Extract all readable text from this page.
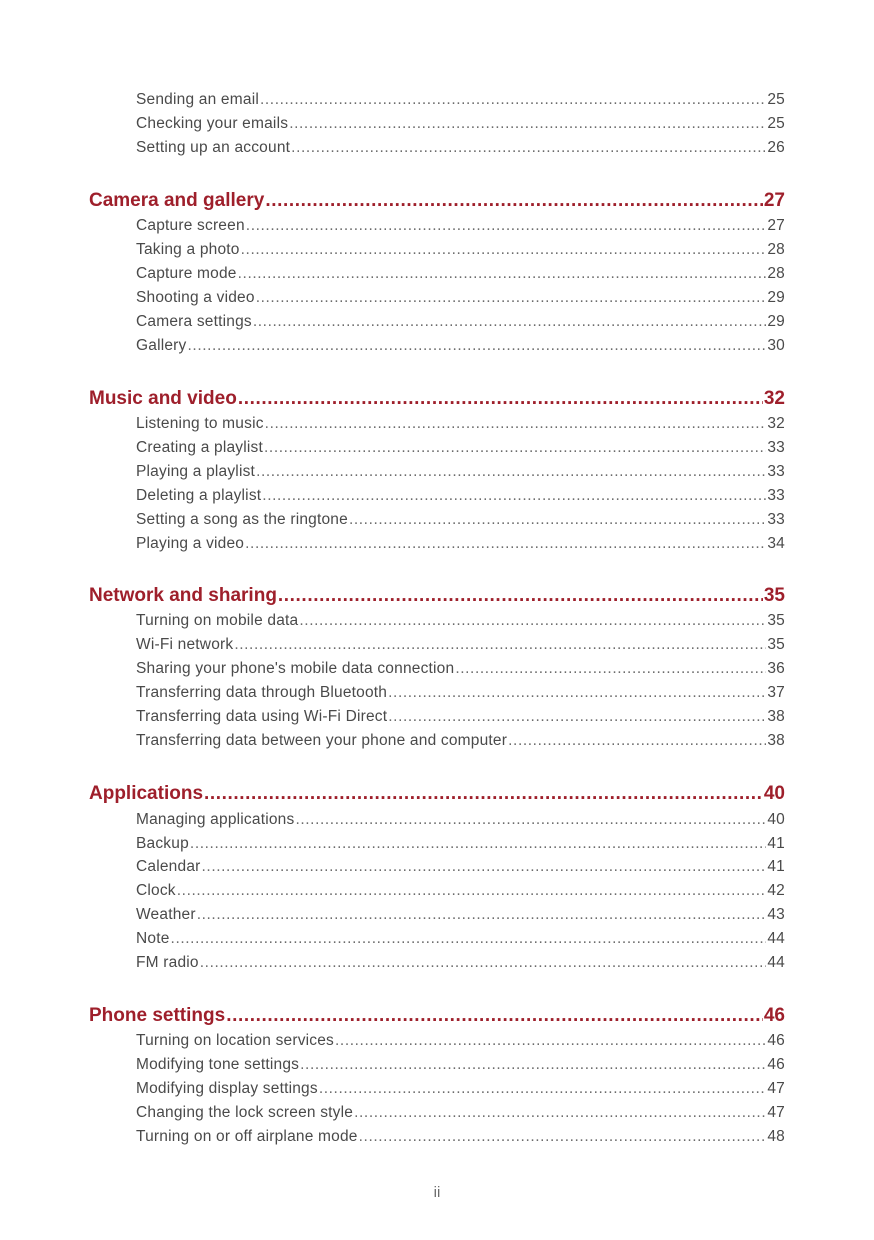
Sending an email .....	25
Checking your emails .....	25
Setting up an account .....	26
Camera and gallery .....	27
Capture screen .....	27
Taking a photo .....	28
Capture mode .....	28
Shooting a video .....	29
Camera settings .....	29
Gallery .....	30
Music and video .....	32
Listening to music .....	32
Creating a playlist .....	33
Playing a playlist .....	33
Deleting a playlist .....	33
Setting a song as the ringtone .....	33
Playing a video .....	34
Network and sharing .....	35
Turning on mobile data .....	35
Wi-Fi network .....	35
Sharing your phone's mobile data connection .....	36
Transferring data through Bluetooth .....	37
Transferring data using Wi-Fi Direct .....	38
Transferring data between your phone and computer .....	38
Applications .....	40
Managing applications .....	40
Backup .....	41
Calendar .....	41
Clock .....	42
Weather .....	43
Note .....	44
FM radio .....	44
Phone settings .....	46
Turning on location services .....	46
Modifying tone settings .....	46
Modifying display settings .....	47
Changing the lock screen style .....	47
Turning on or off airplane mode .....	48
ii
